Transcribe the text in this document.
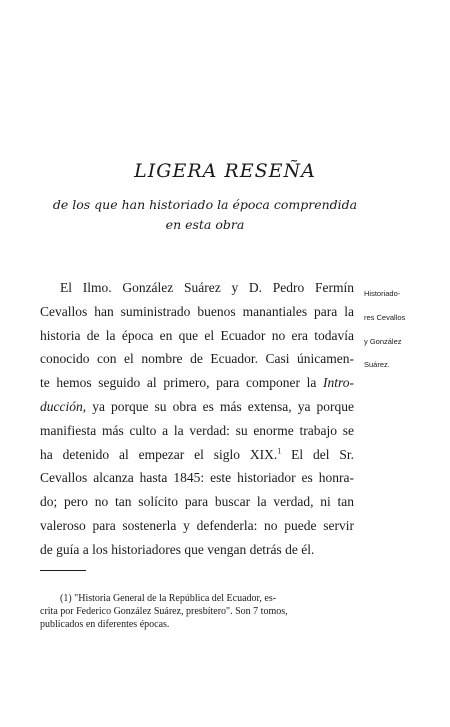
LIGERA RESEÑA
de los que han historiado la época comprendida
en esta obra
El Ilmo. González Suárez y D. Pedro Fermín
Cevallos han suministrado buenos manantiales para la
historia de la época en que el Ecuador no era todavía
conocido con el nombre de Ecuador. Casi únicamen-
te hemos seguido al primero, para componer la Intro-
ducción, ya porque su obra es más extensa, ya porque
manifiesta más culto a la verdad: su enorme trabajo se
ha detenido al empezar el siglo XIX.$^1$ El del Sr.
Cevallos alcanza hasta 1845: este historiador es honra-
do; pero no tan solícito para buscar la verdad, ni tan
valeroso para sostenerla y defenderla: no puede servir
de guía a los historiadores que vengan detrás de él.
Historiado-
res Cevallos
y González
Suárez.
(1) "Historia General de la República del Ecuador, es-
crita por Federico González Suárez, presbítero". Son 7 tomos,
publicados en diferentes épocas.
